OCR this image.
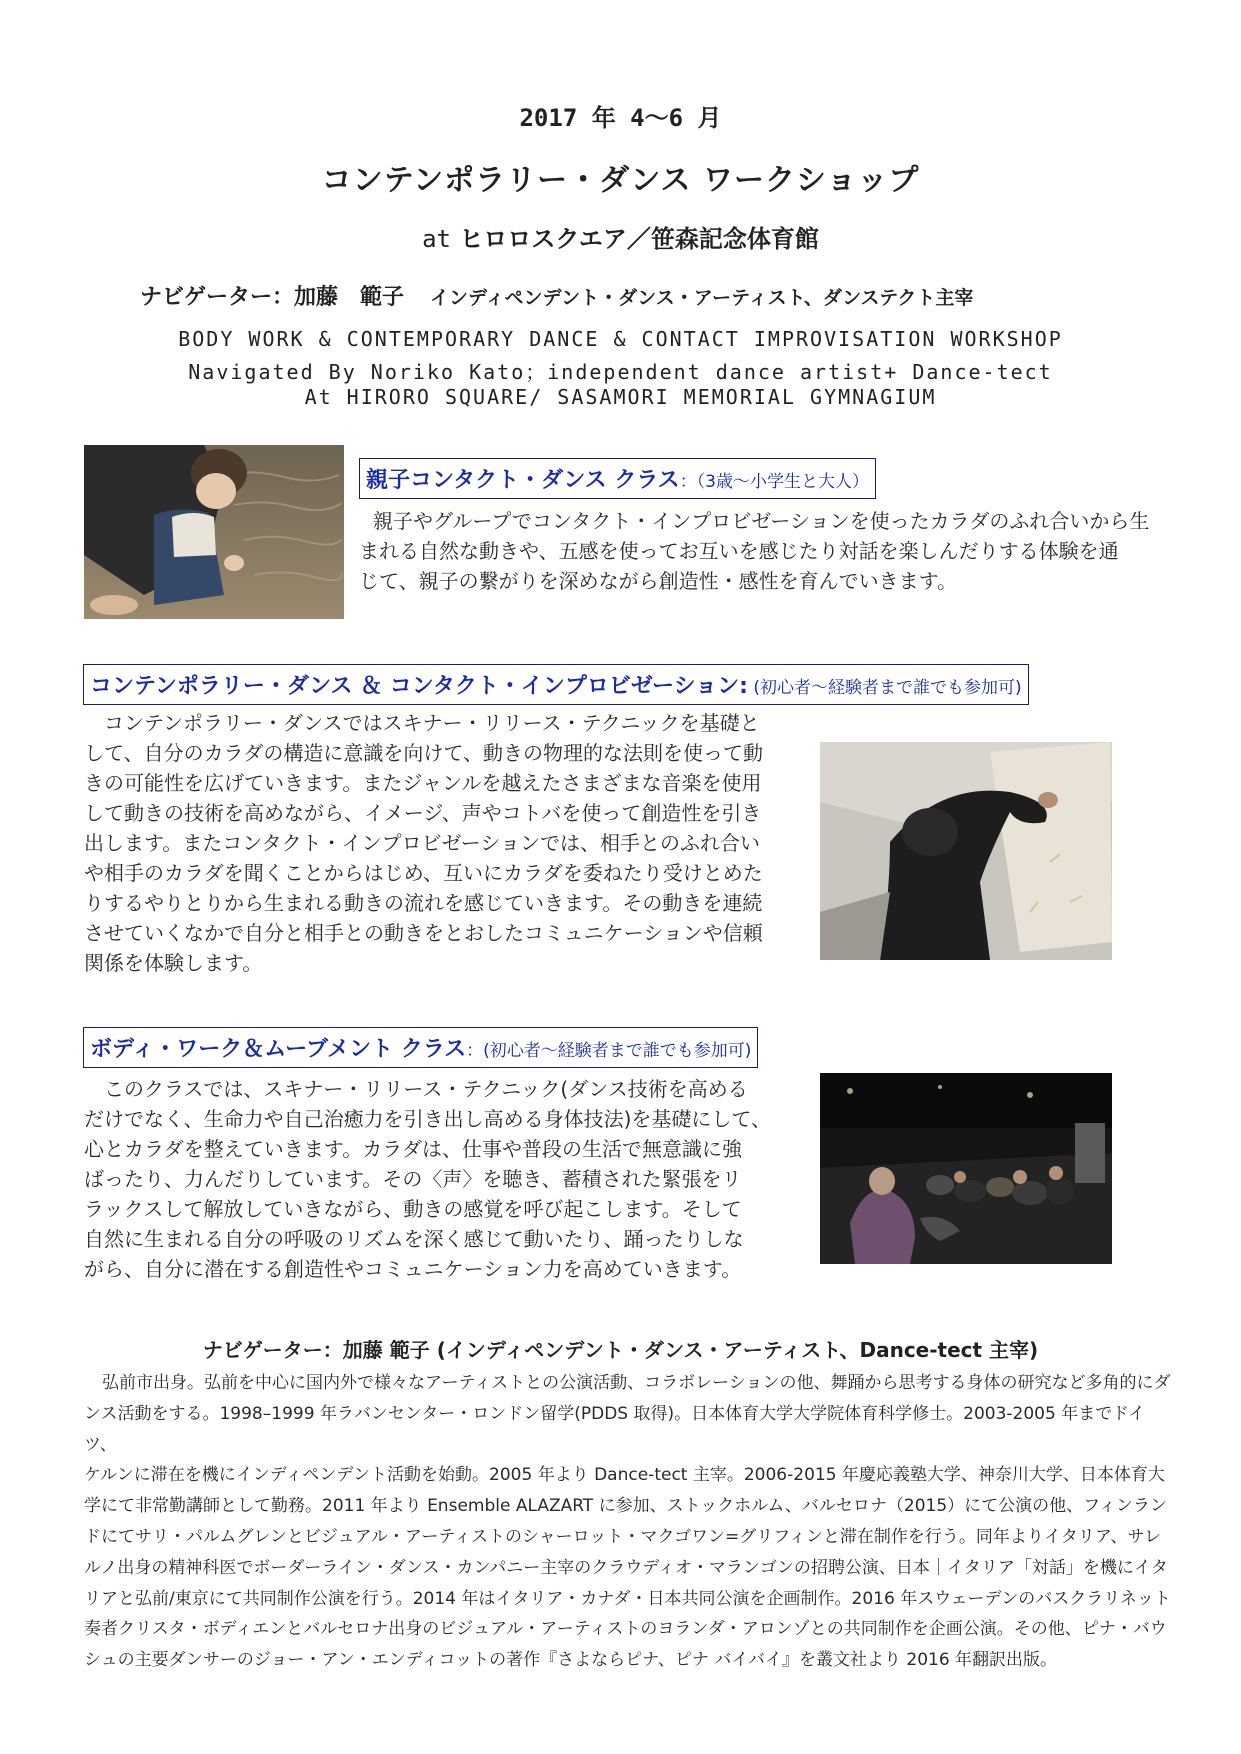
2017 年 4～6 月
コンテンポラリー・ダンス ワークショップ
at ヒロロスクエア／笹森記念体育館
ナビゲーター：加藤　範子 インディペンデント・ダンス・アーティスト、ダンステクト主宰
BODY WORK & CONTEMPORARY DANCE & CONTACT IMPROVISATION WORKSHOP
Navigated By Noriko Kato；independent dance artist+ Dance-tect
At HIRORO SQUARE/ SASAMORI MEMORIAL GYMNAGIUM
親子コンタクト・ダンス クラス：（3歳～小学生と大人）
親子やグループでコンタクト・インプロビゼーションを使ったカラダのふれ合いから生
まれる自然な動きや、五感を使ってお互いを感じたり対話を楽しんだりする体験を通
じて、親子の繋がりを深めながら創造性・感性を育んでいきます。
コンテンポラリー・ダンス ＆ コンタクト・インプロビゼーション: (初心者～経験者まで誰でも参加可)
コンテンポラリー・ダンスではスキナー・リリース・テクニックを基礎と
して、自分のカラダの構造に意識を向けて、動きの物理的な法則を使って動
きの可能性を広げていきます。またジャンルを越えたさまざまな音楽を使用
して動きの技術を高めながら、イメージ、声やコトバを使って創造性を引き
出します。またコンタクト・インプロビゼーションでは、相手とのふれ合い
や相手のカラダを聞くことからはじめ、互いにカラダを委ねたり受けとめた
りするやりとりから生まれる動きの流れを感じていきます。その動きを連続
させていくなかで自分と相手との動きをとおしたコミュニケーションや信頼
関係を体験します。
ボディ・ワーク＆ムーブメント クラス：(初心者～経験者まで誰でも参加可)
このクラスでは、スキナー・リリース・テクニック(ダンス技術を高める
だけでなく、生命力や自己治癒力を引き出し高める身体技法)を基礎にして、
心とカラダを整えていきます。カラダは、仕事や普段の生活で無意識に強
ばったり、力んだりしています。その〈声〉を聴き、蓄積された緊張をリ
ラックスして解放していきながら、動きの感覚を呼び起こします。そして
自然に生まれる自分の呼吸のリズムを深く感じて動いたり、踊ったりしな
がら、自分に潜在する創造性やコミュニケーション力を高めていきます。
ナビゲーター：加藤 範子 (インディペンデント・ダンス・アーティスト、Dance-tect 主宰)
弘前市出身。弘前を中心に国内外で様々なアーティストとの公演活動、コラボレーションの他、舞踊から思考する身体の研究など多角的にダ
ンス活動をする。1998–1999 年ラバンセンター・ロンドン留学(PDDS 取得)。日本体育大学大学院体育科学修士。2003-2005 年までドイツ、
ケルンに滞在を機にインディペンデント活動を始動。2005 年より Dance-tect 主宰。2006-2015 年慶応義塾大学、神奈川大学、日本体育大
学にて非常勤講師として勤務。2011 年より Ensemble ALAZART に参加、ストックホルム、バルセロナ（2015）にて公演の他、フィンラン
ドにてサリ・パルムグレンとビジュアル・アーティストのシャーロット・マクゴワン=グリフィンと滞在制作を行う。同年よりイタリア、サレ
ルノ出身の精神科医でボーダーライン・ダンス・カンパニー主宰のクラウディオ・マランゴンの招聘公演、日本｜イタリア「対話」を機にイタ
リアと弘前/東京にて共同制作公演を行う。2014 年はイタリア・カナダ・日本共同公演を企画制作。2016 年スウェーデンのバスクラリネット
奏者クリスタ・ボディエンとバルセロナ出身のビジュアル・アーティストのヨランダ・アロンゾとの共同制作を企画公演。その他、ピナ・バウ
シュの主要ダンサーのジョー・アン・エンディコットの著作『さよならピナ、ピナ バイバイ』を叢文社より 2016 年翻訳出版。
